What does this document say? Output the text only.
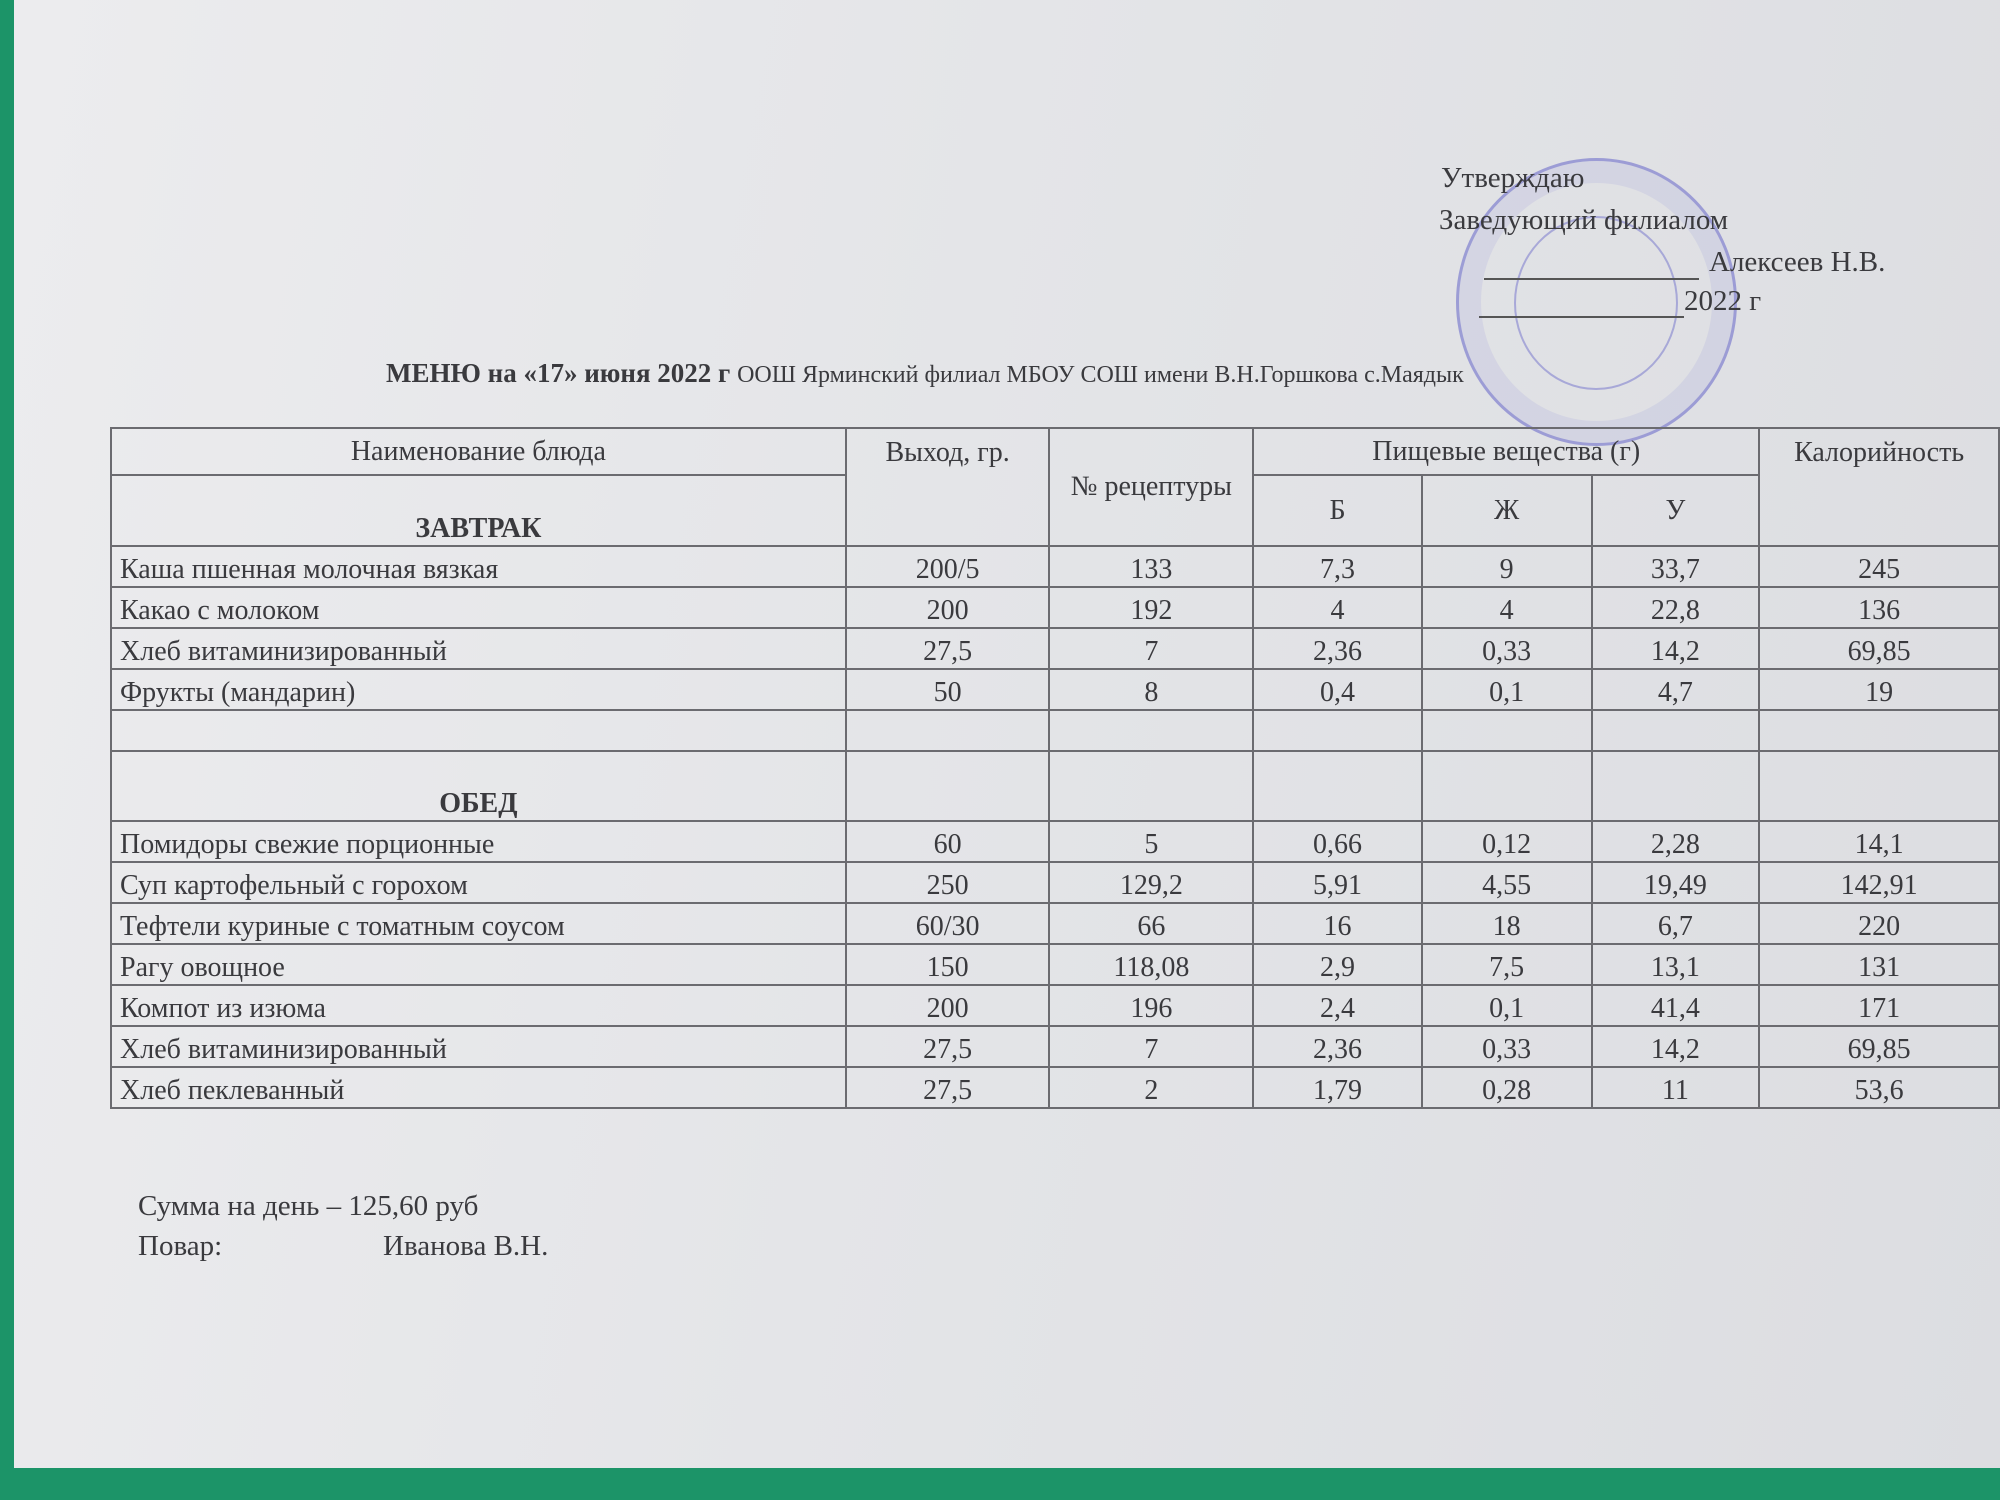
Утверждаю
Заведующий филиалом
Алексеев Н.В.
2022 г
МЕНЮ на «17» июня 2022 г ООШ Ярминский филиал МБОУ СОШ имени В.Н.Горшкова с.Маядык
Наименование блюда	Выход, гр.	№ рецептуры	Пищевые вещества (г)			Калорийность
ЗАВТРАК			Б	Ж	У	
Каша пшенная молочная вязкая	200/5	133	7,3	9	33,7	245
Какао с молоком	200	192	4	4	22,8	136
Хлеб витаминизированный	27,5	7	2,36	0,33	14,2	69,85
Фрукты (мандарин)	50	8	0,4	0,1	4,7	19

ОБЕД						
Помидоры свежие порционные	60	5	0,66	0,12	2,28	14,1
Суп картофельный с горохом	250	129,2	5,91	4,55	19,49	142,91
Тефтели куриные с томатным соусом	60/30	66	16	18	6,7	220
Рагу овощное	150	118,08	2,9	7,5	13,1	131
Компот из изюма	200	196	2,4	0,1	41,4	171
Хлеб витаминизированный	27,5	7	2,36	0,33	14,2	69,85
Хлеб пеклеванный	27,5	2	1,79	0,28	11	53,6
Сумма на день – 125,60 руб
Повар:	Иванова В.Н.
